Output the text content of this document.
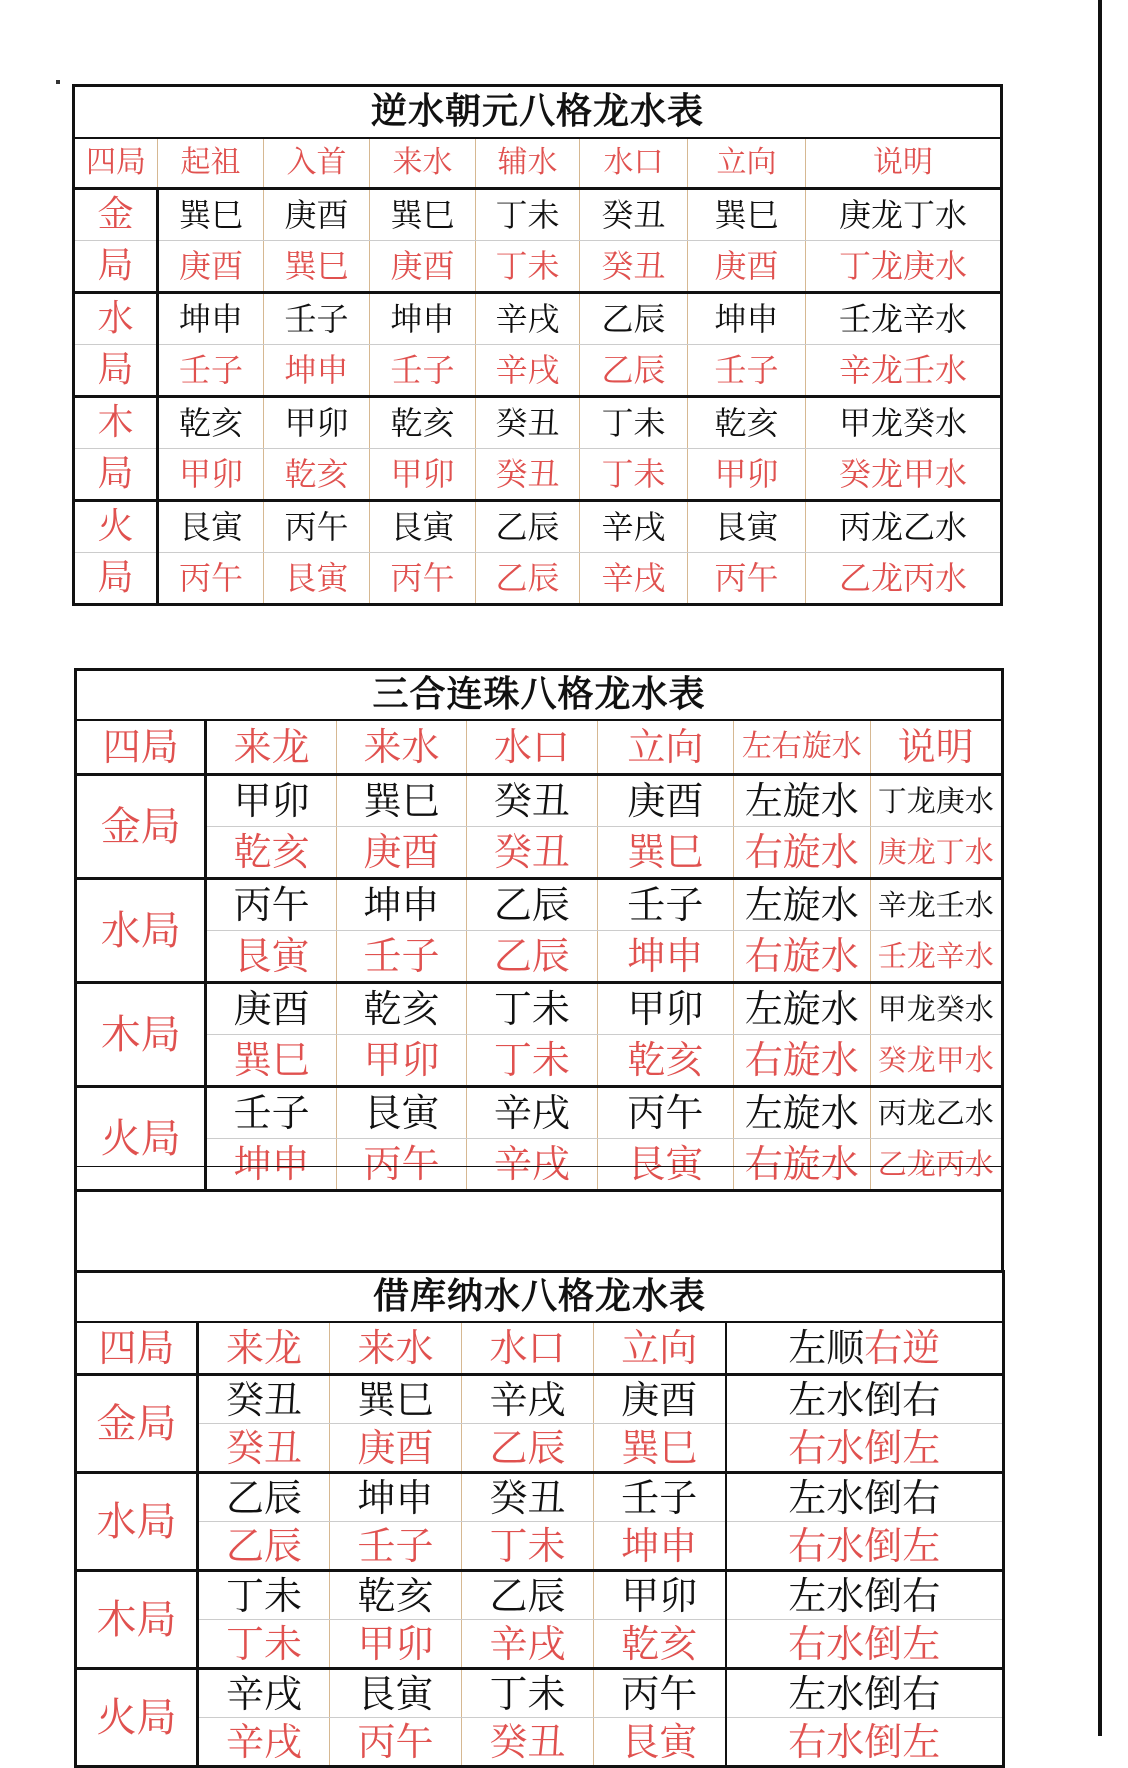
逆水朝元八格龙水表							
四局	起祖	入首	来水	辅水	水口	立向	说明
金	巽巳	庚酉	巽巳	丁未	癸丑	巽巳	庚龙丁水
局	庚酉	巽巳	庚酉	丁未	癸丑	庚酉	丁龙庚水
水	坤申	壬子	坤申	辛戌	乙辰	坤申	壬龙辛水
局	壬子	坤申	壬子	辛戌	乙辰	壬子	辛龙壬水
木	乾亥	甲卯	乾亥	癸丑	丁未	乾亥	甲龙癸水
局	甲卯	乾亥	甲卯	癸丑	丁未	甲卯	癸龙甲水
火	艮寅	丙午	艮寅	乙辰	辛戌	艮寅	丙龙乙水
局	丙午	艮寅	丙午	乙辰	辛戌	丙午	乙龙丙水
三合连珠八格龙水表						
四局	来龙	来水	水口	立向	左右旋水	说明
金局	甲卯	巽巳	癸丑	庚酉	左旋水	丁龙庚水
	乾亥	庚酉	癸丑	巽巳	右旋水	庚龙丁水
水局	丙午	坤申	乙辰	壬子	左旋水	辛龙壬水
	艮寅	壬子	乙辰	坤申	右旋水	壬龙辛水
木局	庚酉	乾亥	丁未	甲卯	左旋水	甲龙癸水
	巽巳	甲卯	丁未	乾亥	右旋水	癸龙甲水
火局	壬子	艮寅	辛戌	丙午	左旋水	丙龙乙水
	坤申	丙午	辛戌	艮寅	右旋水	乙龙丙水
借库纳水八格龙水表					
四局	来龙	来水	水口	立向	左顺右逆
金局	癸丑	巽巳	辛戌	庚酉	左水倒右
	癸丑	庚酉	乙辰	巽巳	右水倒左
水局	乙辰	坤申	癸丑	壬子	左水倒右
	乙辰	壬子	丁未	坤申	右水倒左
木局	丁未	乾亥	乙辰	甲卯	左水倒右
	丁未	甲卯	辛戌	乾亥	右水倒左
火局	辛戌	艮寅	丁未	丙午	左水倒右
	辛戌	丙午	癸丑	艮寅	右水倒左
